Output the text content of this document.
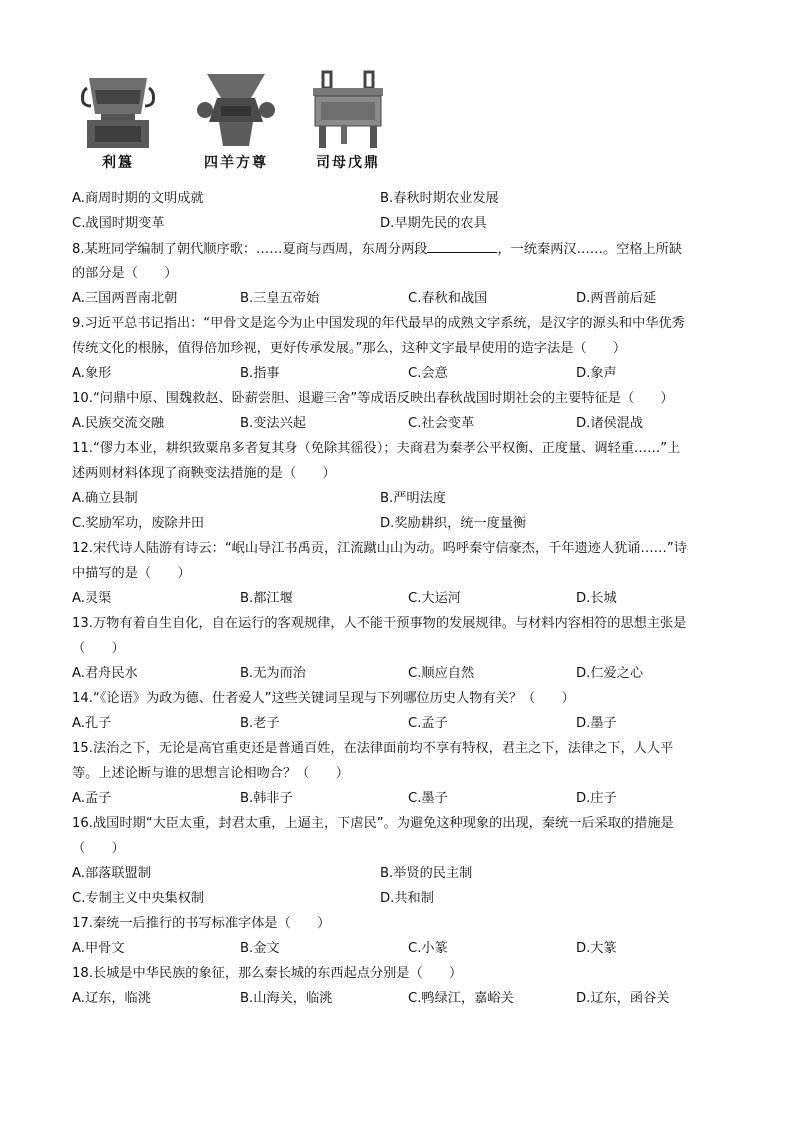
利簋	四羊方尊	司母戊鼎
A.商周时期的文明成就	B.春秋时期农业发展
C.战国时期变革	D.早期先民的农具
8.某班同学编制了朝代顺序歌：……夏商与西周，东周分两段	，一统秦两汉……。空格上所缺
的部分是（　　）
A.三国两晋南北朝	B.三皇五帝始	C.春秋和战国	D.两晋前后延
9.习近平总书记指出：“甲骨文是迄今为止中国发现的年代最早的成熟文字系统，是汉字的源头和中华优秀
传统文化的根脉，值得倍加珍视，更好传承发展。”那么，这种文字最早使用的造字法是（　　）
A.象形	B.指事	C.会意	D.象声
10.“问鼎中原、围魏救赵、卧薪尝胆、退避三舍”等成语反映出春秋战国时期社会的主要特征是（　　）
A.民族交流交融	B.变法兴起	C.社会变革	D.诸侯混战
11.“僇力本业，耕织致粟帛多者复其身（免除其徭役）；夫商君为秦孝公平权衡、正度量、调轻重……”上
述两则材料体现了商鞅变法措施的是（　　）
A.确立县制	B.严明法度
C.奖励军功，废除井田	D.奖励耕织，统一度量衡
12.宋代诗人陆游有诗云：“岷山导江书禹贡，江流蹴山山为动。呜呼秦守信豪杰，千年遗迹人犹诵……”诗
中描写的是（　　）
A.灵渠	B.都江堰	C.大运河	D.长城
13.万物有着自生自化，自在运行的客观规律，人不能干预事物的发展规律。与材料内容相符的思想主张是
（　　）
A.君舟民水	B.无为而治	C.顺应自然	D.仁爱之心
14.“《论语》为政为德、仕者爱人”这些关键词呈现与下列哪位历史人物有关？（　　）
A.孔子	B.老子	C.孟子	D.墨子
15.法治之下，无论是高官重吏还是普通百姓，在法律面前均不享有特权，君主之下，法律之下，人人平
等。上述论断与谁的思想言论相吻合？（　　）
A.孟子	B.韩非子	C.墨子	D.庄子
16.战国时期“大臣太重，封君太重，上逼主，下虐民”。为避免这种现象的出现，秦统一后采取的措施是
（　　）
A.部落联盟制	B.举贤的民主制
C.专制主义中央集权制	D.共和制
17.秦统一后推行的书写标准字体是（　　）
A.甲骨文	B.金文	C.小篆	D.大篆
18.长城是中华民族的象征，那么秦长城的东西起点分别是（　　）
A.辽东，临洮	B.山海关，临洮	C.鸭绿江，嘉峪关	D.辽东，函谷关
